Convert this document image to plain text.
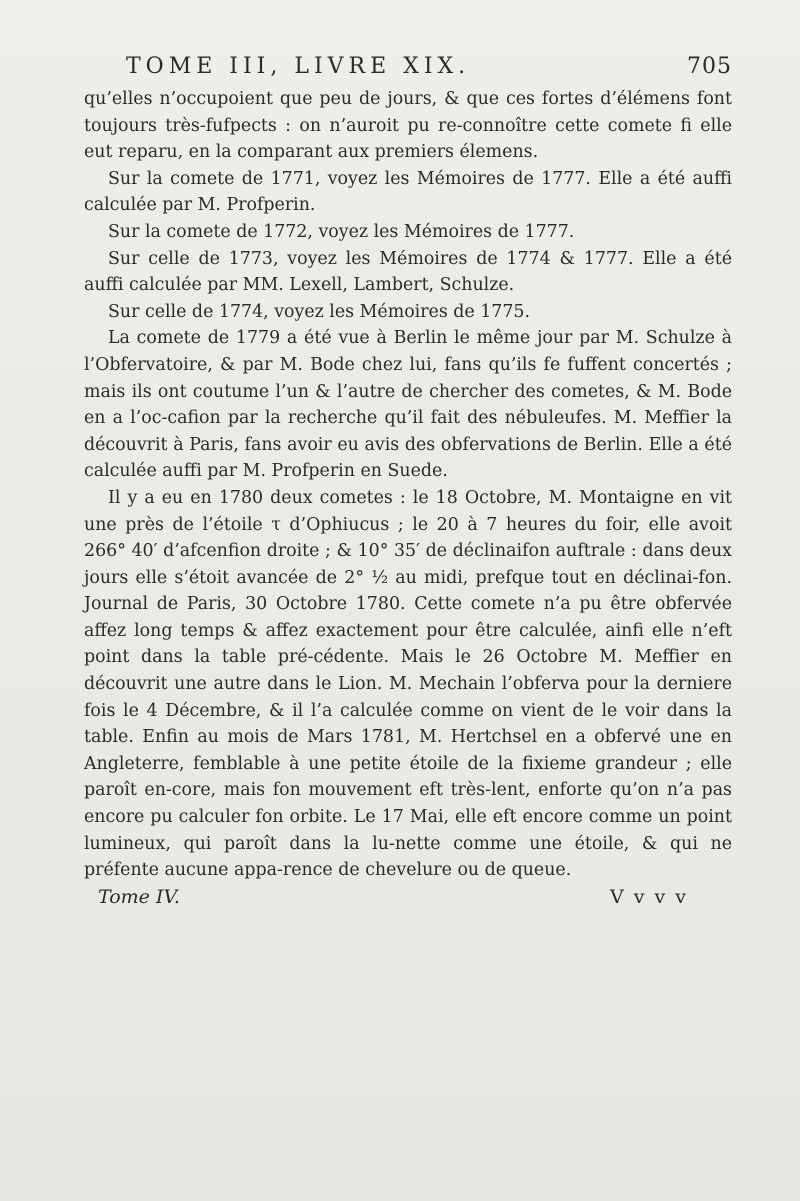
TOME III, LIVRE XIX.	705

qu’elles n’occupoient que peu de jours, & que ces fortes d’élémens font toujours très-fufpects : on n’auroit pu re-connoître cette comete fi elle eut reparu, en la comparant aux premiers élemens.

Sur la comete de 1771, voyez les Mémoires de 1777. Elle a été auffi calculée par M. Profperin.

Sur la comete de 1772, voyez les Mémoires de 1777.

Sur celle de 1773, voyez les Mémoires de 1774 & 1777. Elle a été auffi calculée par MM. Lexell, Lambert, Schulze.

Sur celle de 1774, voyez les Mémoires de 1775.

La comete de 1779 a été vue à Berlin le même jour par M. Schulze à l’Obfervatoire, & par M. Bode chez lui, fans qu’ils fe fuffent concertés ; mais ils ont coutume l’un & l’autre de chercher des cometes, & M. Bode en a l’oc-cafion par la recherche qu’il fait des nébuleufes. M. Meffier la découvrit à Paris, fans avoir eu avis des obfervations de Berlin. Elle a été calculée auffi par M. Profperin en Suede.

Il y a eu en 1780 deux cometes : le 18 Octobre, M. Montaigne en vit une près de l’étoile τ d’Ophiucus ; le 20 à 7 heures du foir, elle avoit 266° 40′ d’afcenfion droite ; & 10° 35′ de déclinaifon auftrale : dans deux jours elle s’étoit avancée de 2° ½ au midi, prefque tout en déclinai-fon. Journal de Paris, 30 Octobre 1780. Cette comete n’a pu être obfervée affez long temps & affez exactement pour être calculée, ainfi elle n’eft point dans la table pré-cédente. Mais le 26 Octobre M. Meffier en découvrit une autre dans le Lion. M. Mechain l’obferva pour la derniere fois le 4 Décembre, & il l’a calculée comme on vient de le voir dans la table. Enfin au mois de Mars 1781, M. Hertchsel en a obfervé une en Angleterre, femblable à une petite étoile de la fixieme grandeur ; elle paroît en-core, mais fon mouvement eft très-lent, enforte qu’on n’a pas encore pu calculer fon orbite. Le 17 Mai, elle eft encore comme un point lumineux, qui paroît dans la lu-nette comme une étoile, & qui ne préfente aucune appa-rence de chevelure ou de queue.

Tome IV.	V v v v
